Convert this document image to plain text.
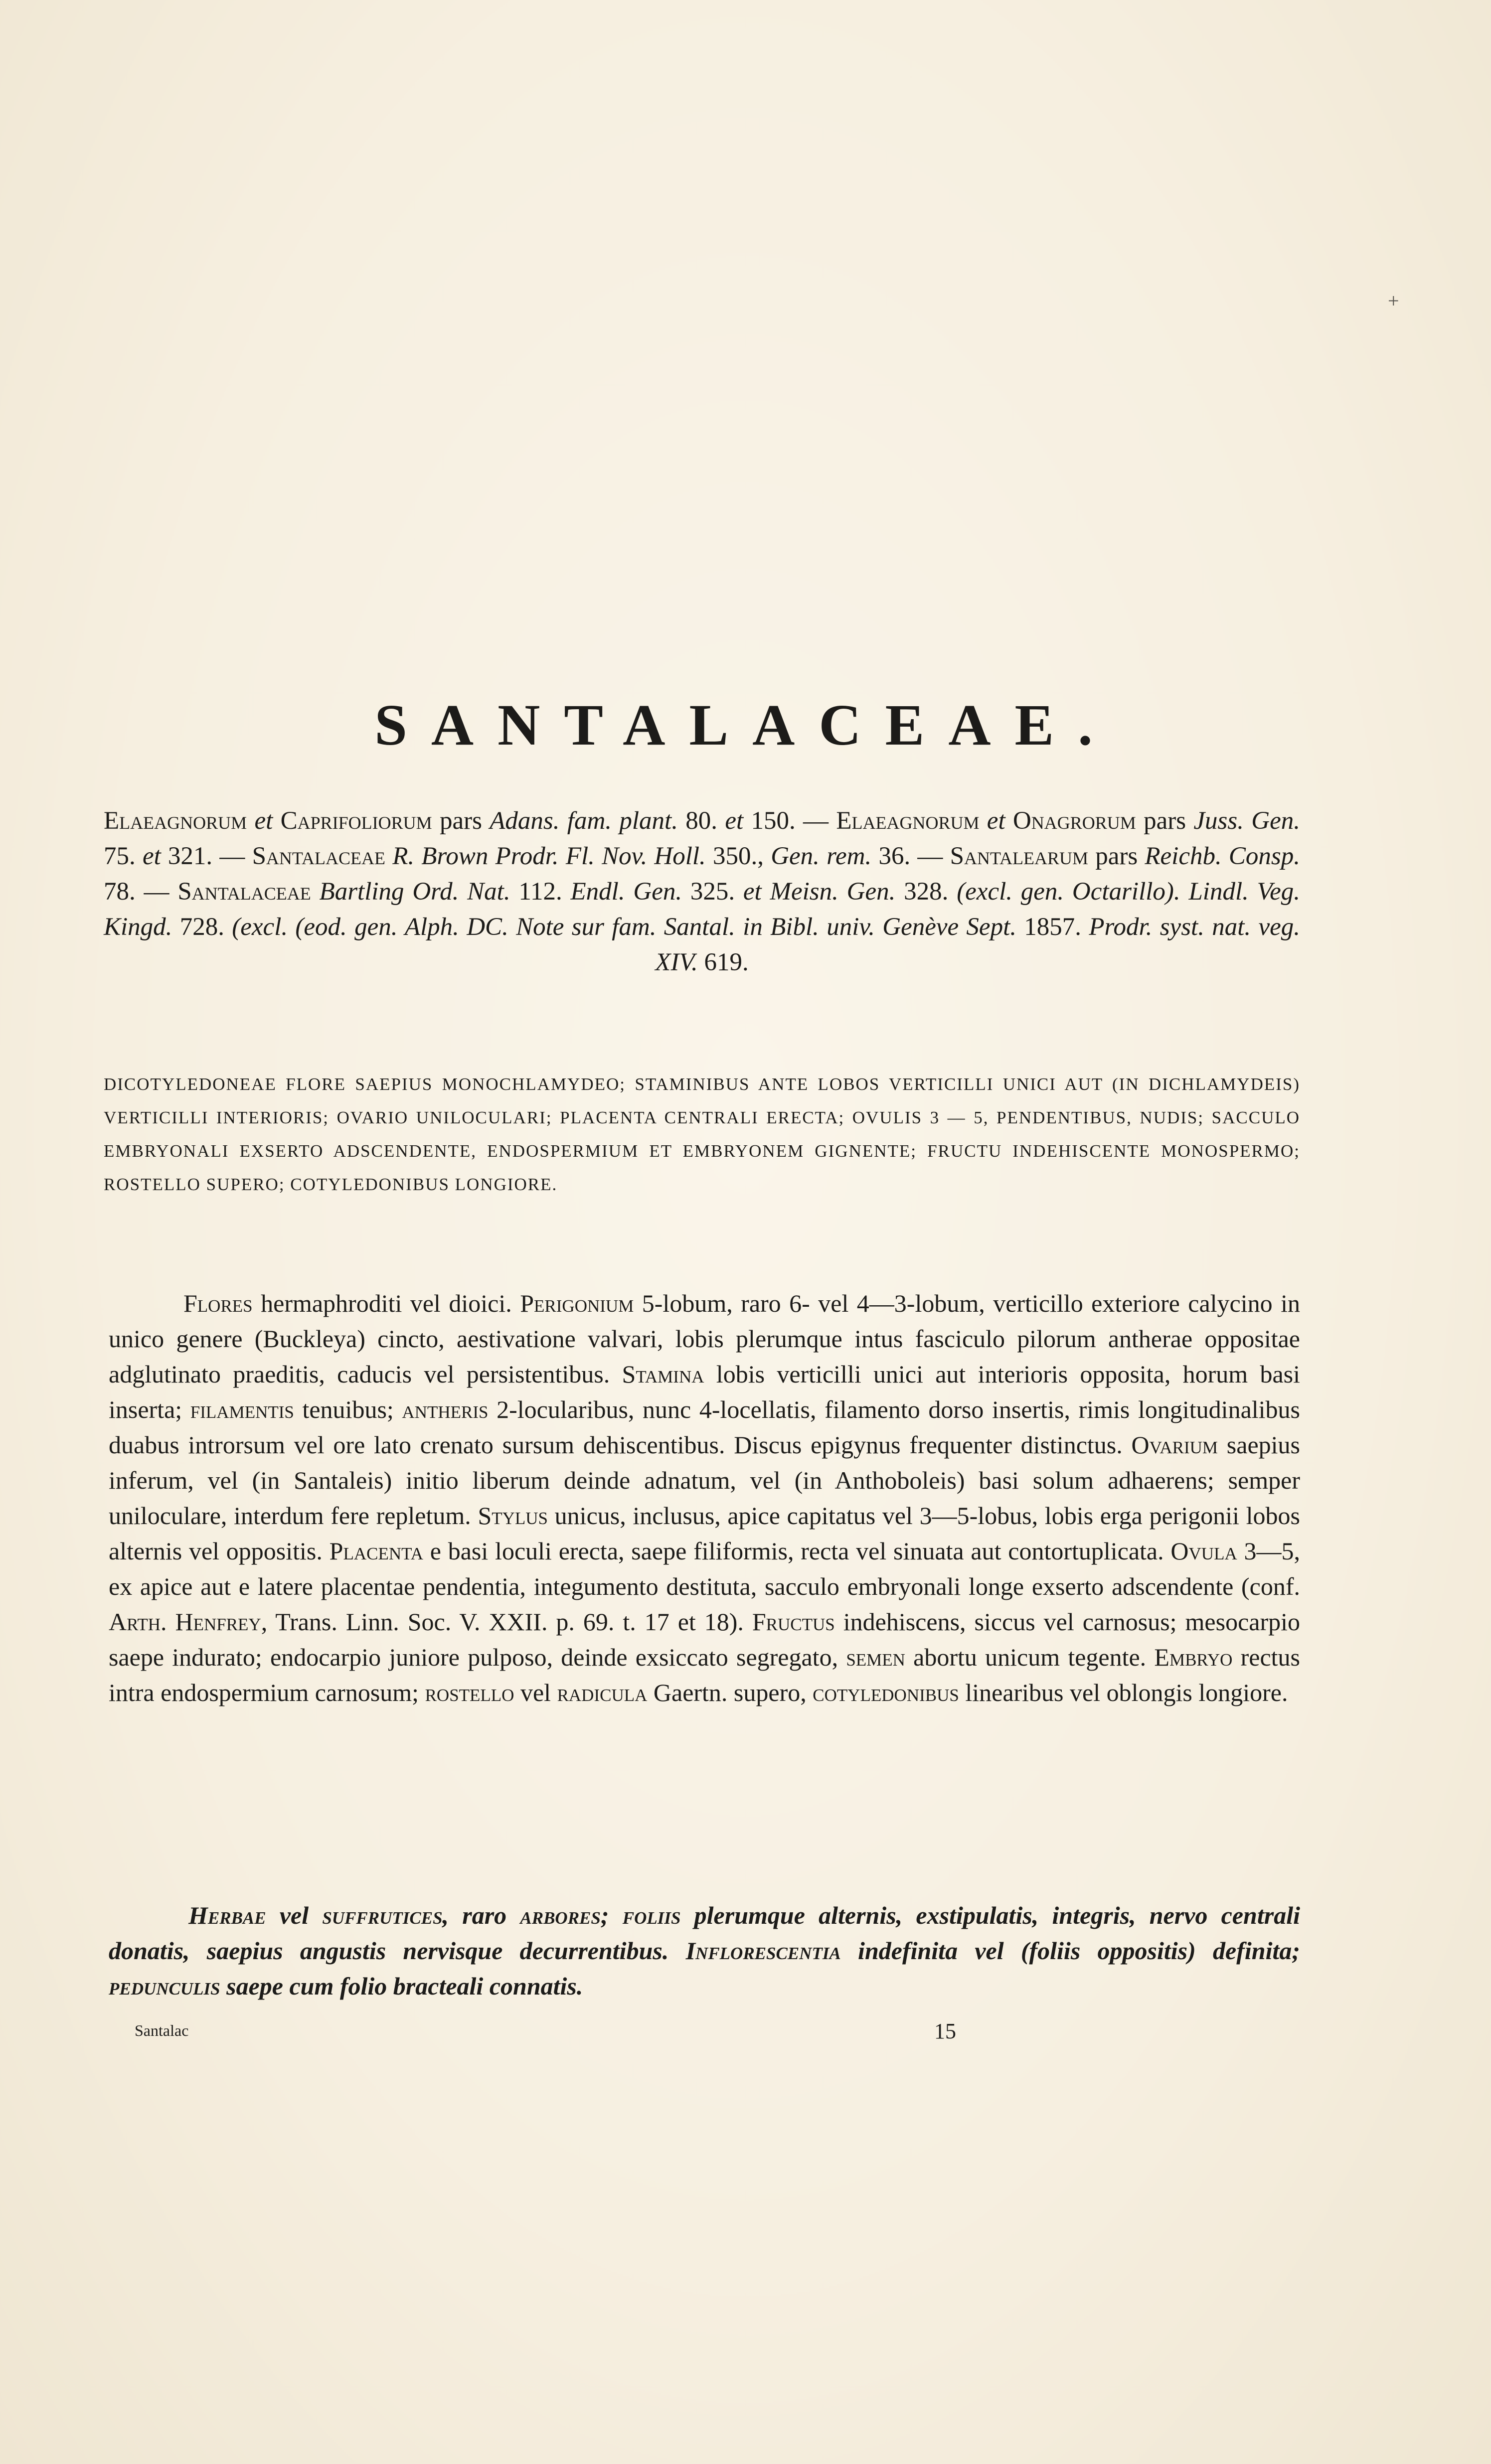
+
SANTALACEAE.

Elaeagnorum et Caprifoliorum pars Adans. fam. plant. 80. et 150. — Elaeagnorum et Onagrorum pars Juss. Gen. 75. et 321. — Santalaceae R. Brown Prodr. Fl. Nov. Holl. 350., Gen. rem. 36. — Santalearum pars Reichb. Consp. 78. — Santalaceae Bartling Ord. Nat. 112. Endl. Gen. 325. et Meisn. Gen. 328. (excl. gen. Octarillo). Lindl. Veg. Kingd. 728. (excl. (eod. gen. Alph. DC. Note sur fam. Santal. in Bibl. univ. Genève Sept. 1857. Prodr. syst. nat. veg. XIV. 619.

DICOTYLEDONEAE FLORE SAEPIUS MONOCHLAMYDEO; STAMINIBUS ANTE LOBOS VERTICILLI UNICI AUT (IN DICHLAMYDEIS) VERTICILLI INTERIORIS; OVARIO UNILOCULARI; PLACENTA CENTRALI ERECTA; OVULIS 3 — 5, PENDENTIBUS, NUDIS; SACCULO EMBRYONALI EXSERTO ADSCENDENTE, ENDOSPERMIUM ET EMBRYONEM GIGNENTE; FRUCTU INDEHISCENTE MONOSPERMO; ROSTELLO SUPERO; COTYLEDONIBUS LONGIORE.

Flores hermaphroditi vel dioici. Perigonium 5-lobum, raro 6- vel 4—3-lobum, verticillo exteriore calycino in unico genere (Buckleya) cincto, aestivatione valvari, lobis plerumque intus fasciculo pilorum antherae oppositae adglutinato praeditis, caducis vel persistentibus. Stamina lobis verticilli unici aut interioris opposita, horum basi inserta; filamentis tenuibus; antheris 2-locularibus, nunc 4-locellatis, filamento dorso insertis, rimis longitudinalibus duabus introrsum vel ore lato crenato sursum dehiscentibus. Discus epigynus frequenter distinctus. Ovarium saepius inferum, vel (in Santaleis) initio liberum deinde adnatum, vel (in Anthoboleis) basi solum adhaerens; semper uniloculare, interdum fere repletum. Stylus unicus, inclusus, apice capitatus vel 3—5-lobus, lobis erga perigonii lobos alternis vel oppositis. Placenta e basi loculi erecta, saepe filiformis, recta vel sinuata aut contortuplicata. Ovula 3—5, ex apice aut e latere placentae pendentia, integumento destituta, sacculo embryonali longe exserto adscendente (conf. Arth. Henfrey, Trans. Linn. Soc. V. XXII. p. 69. t. 17 et 18). Fructus indehiscens, siccus vel carnosus; mesocarpio saepe indurato; endocarpio juniore pulposo, deinde exsiccato segregato, semen abortu unicum tegente. Embryo rectus intra endospermium carnosum; rostello vel radicula Gaertn. supero, cotyledonibus linearibus vel oblongis longiore.

Herbae vel suffrutices, raro arbores; foliis plerumque alternis, exstipulatis, integris, nervo centrali donatis, saepius angustis nervisque decurrentibus. Inflorescentia indefinita vel (foliis oppositis) definita; pedunculis saepe cum folio bracteali connatis.

Santalac	15
